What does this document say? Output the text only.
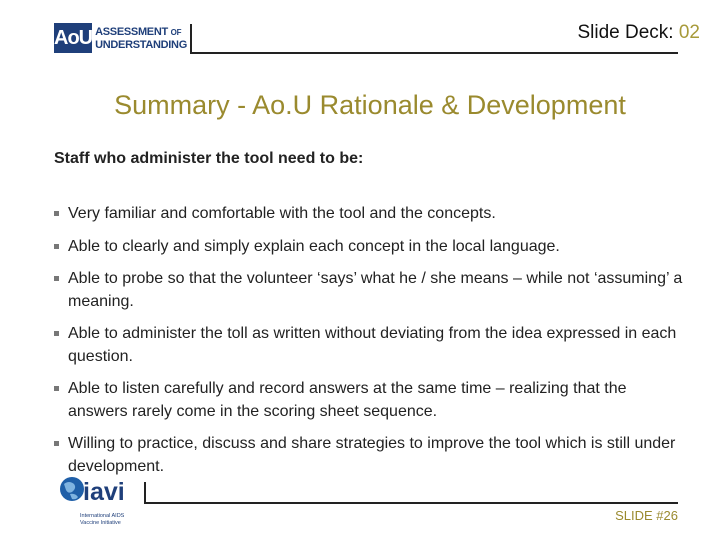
AoU ASSESSMENT OF
UNDERSTANDING
Slide Deck: 02
Summary - Ao.U Rationale & Development
Staff who administer the tool need to be:
Very familiar and comfortable with the tool and the concepts.
Able to clearly and simply explain each concept in the local language.
Able to probe so that the volunteer ‘says’ what he / she means – while not ‘assuming’ a meaning.
Able to administer the toll as written without deviating from the idea expressed in each question.
Able to listen carefully and record answers at the same time – realizing that the answers rarely come in the scoring sheet sequence.
Willing to practice, discuss and share strategies to improve the tool which is still under development.
iavi
International AIDS
Vaccine Initiative	SLIDE #26
